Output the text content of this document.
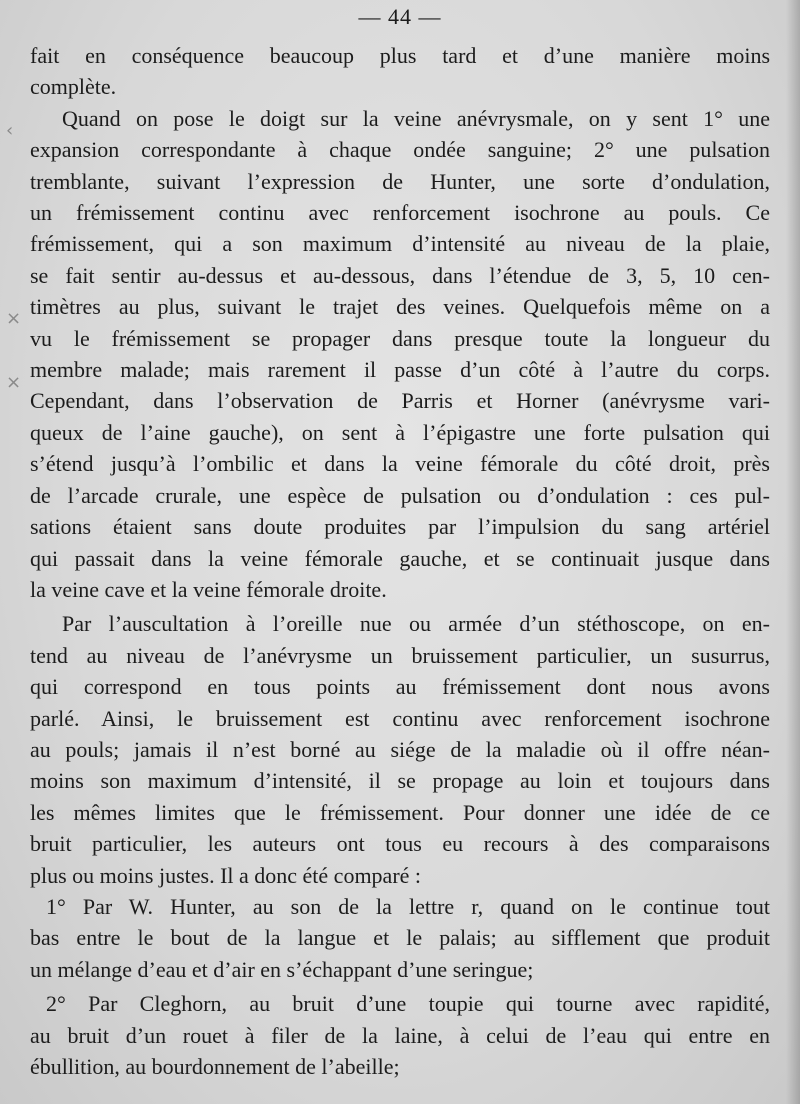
— 44 —
‹
×
×
fait en conséquence beaucoup plus tard et d’une manière moins
complète.
Quand on pose le doigt sur la veine anévrysmale, on y sent 1° une
expansion correspondante à chaque ondée sanguine; 2° une pulsation
tremblante, suivant l’expression de Hunter, une sorte d’ondulation,
un frémissement continu avec renforcement isochrone au pouls. Ce
frémissement, qui a son maximum d’intensité au niveau de la plaie,
se fait sentir au-dessus et au-dessous, dans l’étendue de 3, 5, 10 cen-
timètres au plus, suivant le trajet des veines. Quelquefois même on a
vu le frémissement se propager dans presque toute la longueur du
membre malade; mais rarement il passe d’un côté à l’autre du corps.
Cependant, dans l’observation de Parris et Horner (anévrysme vari-
queux de l’aine gauche), on sent à l’épigastre une forte pulsation qui
s’étend jusqu’à l’ombilic et dans la veine fémorale du côté droit, près
de l’arcade crurale, une espèce de pulsation ou d’ondulation : ces pul-
sations étaient sans doute produites par l’impulsion du sang artériel
qui passait dans la veine fémorale gauche, et se continuait jusque dans
la veine cave et la veine fémorale droite.
Par l’auscultation à l’oreille nue ou armée d’un stéthoscope, on en-
tend au niveau de l’anévrysme un bruissement particulier, un susurrus,
qui correspond en tous points au frémissement dont nous avons
parlé. Ainsi, le bruissement est continu avec renforcement isochrone
au pouls; jamais il n’est borné au siége de la maladie où il offre néan-
moins son maximum d’intensité, il se propage au loin et toujours dans
les mêmes limites que le frémissement. Pour donner une idée de ce
bruit particulier, les auteurs ont tous eu recours à des comparaisons
plus ou moins justes. Il a donc été comparé :
1° Par W. Hunter, au son de la lettre r, quand on le continue tout
bas entre le bout de la langue et le palais; au sifflement que produit
un mélange d’eau et d’air en s’échappant d’une seringue;
2° Par Cleghorn, au bruit d’une toupie qui tourne avec rapidité,
au bruit d’un rouet à filer de la laine, à celui de l’eau qui entre en
ébullition, au bourdonnement de l’abeille;
